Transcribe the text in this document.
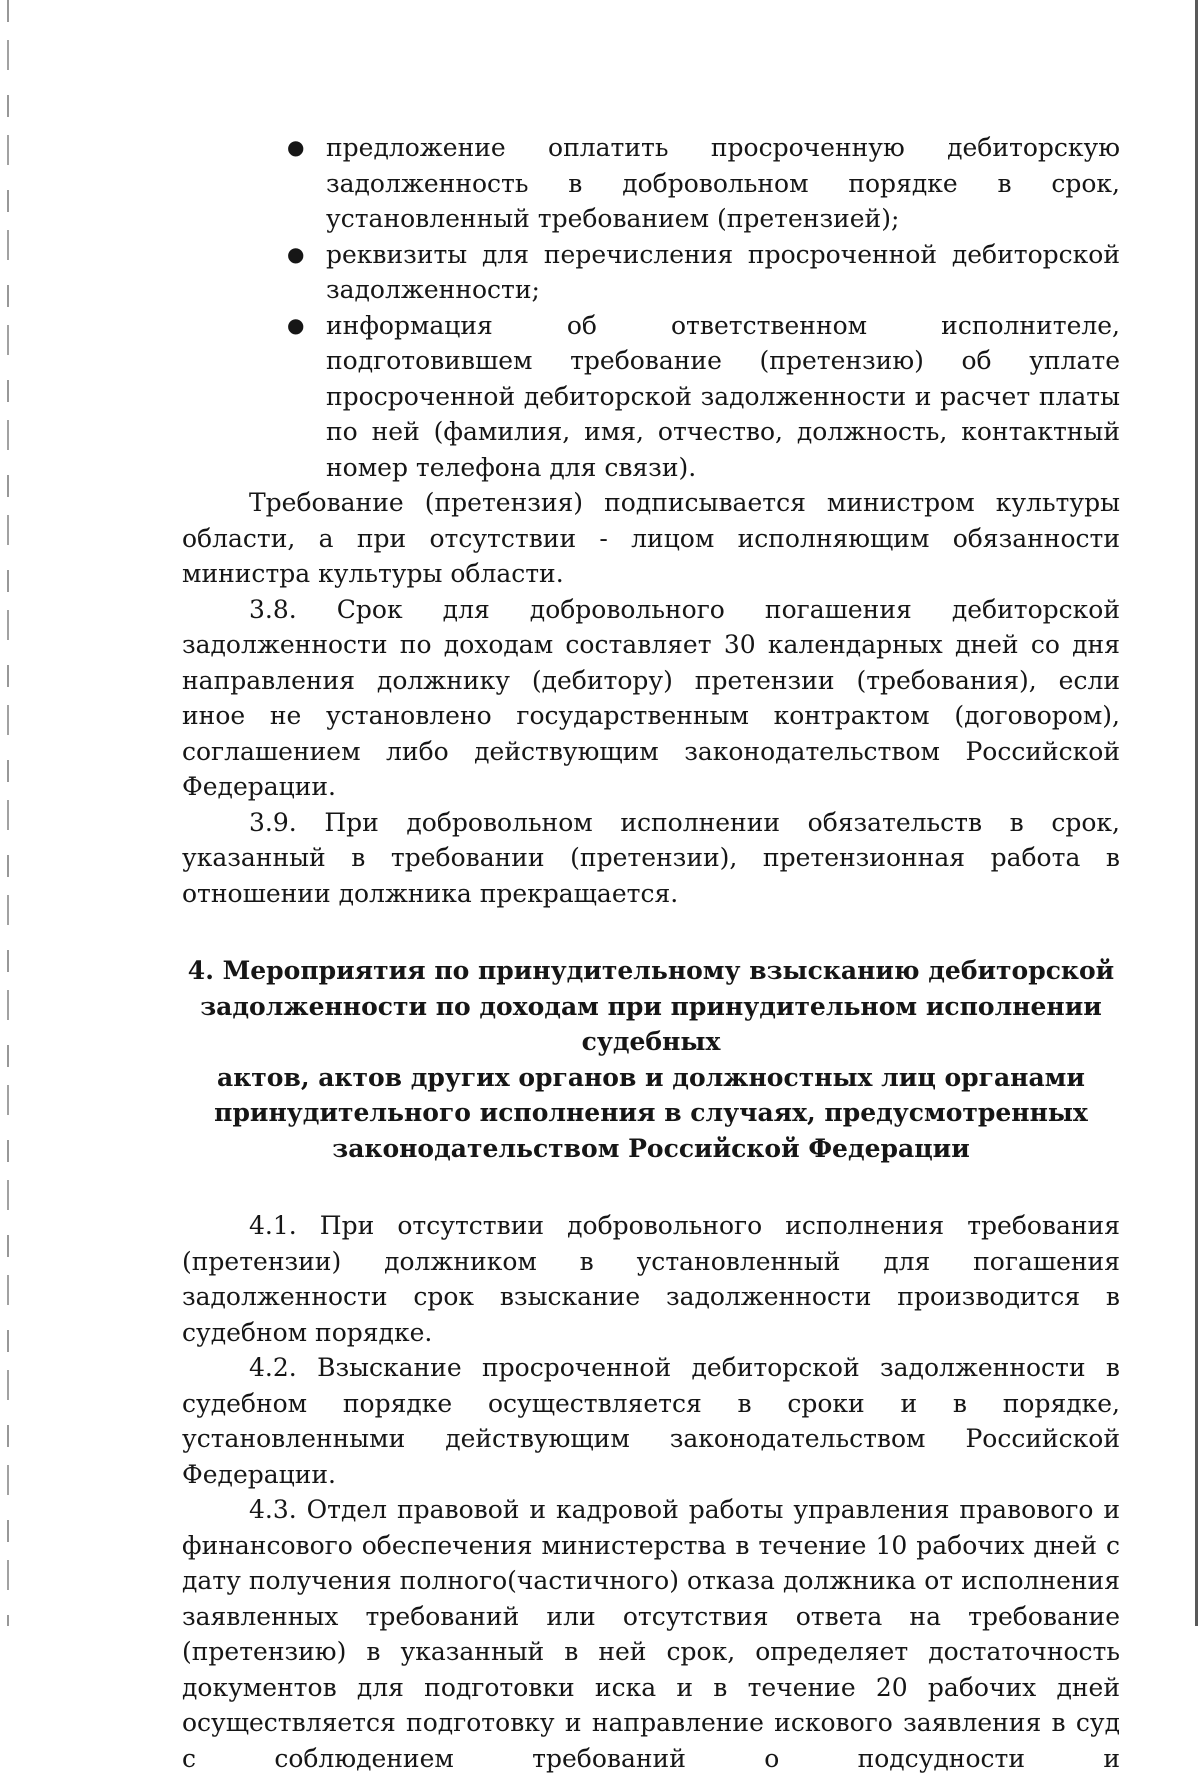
● предложение оплатить просроченную дебиторскую задолженность в добровольном порядке в срок, установленный требованием (претензией);
● реквизиты для перечисления просроченной дебиторской задолженности;
● информация об ответственном исполнителе, подготовившем требование (претензию) об уплате просроченной дебиторской задолженности и расчет платы по ней (фамилия, имя, отчество, должность, контактный номер телефона для связи).

Требование (претензия) подписывается министром культуры области, а при отсутствии - лицом исполняющим обязанности министра культуры области.

3.8. Срок для добровольного погашения дебиторской задолженности по доходам составляет 30 календарных дней со дня направления должнику (дебитору) претензии (требования), если иное не установлено государственным контрактом (договором), соглашением либо действующим законодательством Российской Федерации.

3.9. При добровольном исполнении обязательств в срок, указанный в требовании (претензии), претензионная работа в отношении должника прекращается.

4. Мероприятия по принудительному взысканию дебиторской
задолженности по доходам при принудительном исполнении судебных
актов, актов других органов и должностных лиц органами
принудительного исполнения в случаях, предусмотренных
законодательством Российской Федерации

4.1. При отсутствии добровольного исполнения требования (претензии) должником в установленный для погашения задолженности срок взыскание задолженности производится в судебном порядке.

4.2. Взыскание просроченной дебиторской задолженности в судебном порядке осуществляется в сроки и в порядке, установленными действующим законодательством Российской Федерации.

4.3. Отдел правовой и кадровой работы управления правового и финансового обеспечения министерства в течение 10 рабочих дней с дату получения полного(частичного) отказа должника от исполнения заявленных требований или отсутствия ответа на требование (претензию) в указанный в ней срок, определяет достаточность документов для подготовки иска и в течение 20 рабочих дней осуществляется подготовку и направление искового заявления в суд с соблюдением требований о подсудности и
